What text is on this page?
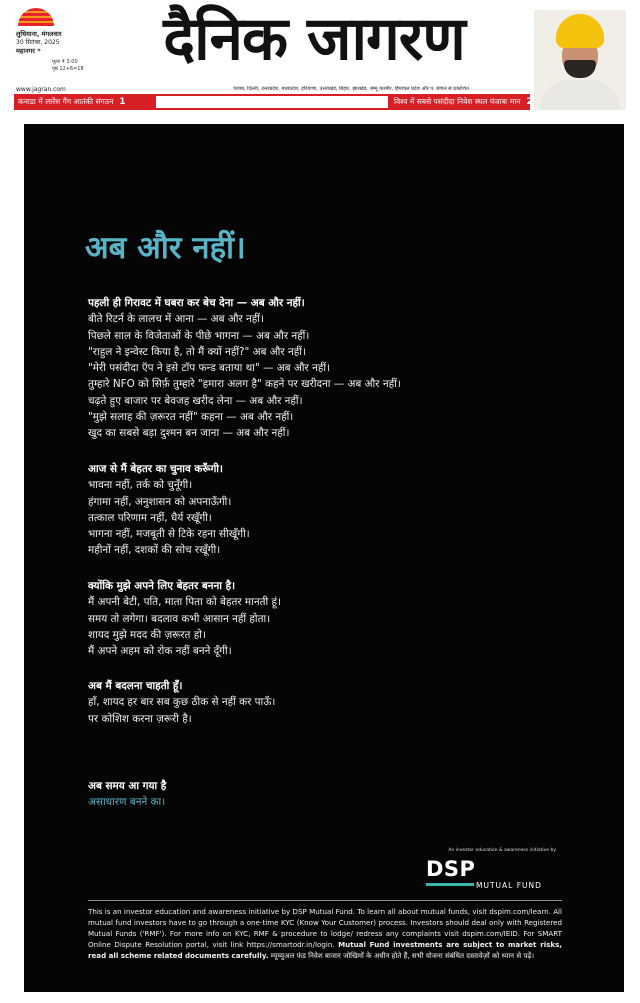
लुधियाना, मंगलवार
30 सितंबर, 2025
महानगर *
मूल्य ₹ 3.00
पृष्ठ 12+6=18	दैनिक जागरण
www.jagran.com	पंजाब, दिल्ली, उत्तरप्रदेश, मध्यप्रदेश, हरियाणा, उत्तराखंड, बिहार, झारखंड, जम्मू कश्मीर, हिमाचल प्रदेश और प. बंगाल से प्रकाशित
कनाडा में लारेंस गैंग आतंकी संगठन 1	विश्व में सबसे पसंदीदा निवेश स्थल पंजाबः मान 2
अब और नहीं।
पहली ही गिरावट में घबरा कर बेच देना — अब और नहीं।
बीते रिटर्न के लालच में आना — अब और नहीं।
पिछले साल के विजेताओं के पीछे भागना — अब और नहीं।
"राहुल ने इन्वेस्ट किया है, तो मैं क्यों नहीं?" अब और नहीं।
"मेरी पसंदीदा ऍप ने इसे टॉप फन्ड बताया था" — अब और नहीं।
तुम्हारे NFO को सिर्फ़ तुम्हारे "हमारा अलग है" कहने पर खरीदना — अब और नहीं।
चढ़ते हुए बाजार पर बेवजह खरीद लेना — अब और नहीं।
"मुझे सलाह की ज़रूरत नहीं" कहना — अब और नहीं।
खुद का सबसे बड़ा दुश्मन बन जाना — अब और नहीं।
आज से मैं बेहतर का चुनाव करूँगी।
भावना नहीं, तर्क को चुनूँगी।
हंगामा नहीं, अनुशासन को अपनाऊँगी।
तत्काल परिणाम नहीं, धैर्य रखूँगी।
भागना नहीं, मजबूती से टिके रहना सीखूँगी।
महीनों नहीं, दशकों की सोच रखूँगी।
क्योंकि मुझे अपने लिए बेहतर बनना है।
मैं अपनी बेटी, पति, माता पिता को बेहतर मानती हूं।
समय तो लगेगा। बदलाव कभी आसान नहीं होता।
शायद मुझे मदद की ज़रूरत हो।
मैं अपने अहम को रोक नहीं बनने दूँगी।
अब मैं बदलना चाहती हूँ।
हाँ, शायद हर बार सब कुछ ठीक से नहीं कर पाऊँ।
पर कोशिश करना ज़रूरी है।
अब समय आ गया है
असाधारण बनने का।
An investor education & awareness initiative by
DSP
MUTUAL FUND
This is an investor education and awareness initiative by DSP Mutual Fund. To learn all about mutual funds, visit dspim.com/learn. All mutual fund investors have to go through a one-time KYC (Know Your Customer) process. Investors should deal only with Registered Mutual Funds ('RMF'). For more info on KYC, RMF & procedure to lodge/ redress any complaints visit dspim.com/IEID. For SMART Online Dispute Resolution portal, visit link https://smartodr.in/login. Mutual Fund investments are subject to market risks, read all scheme related documents carefully. म्यूच्युअल फंड निवेश बाजार जोखिमों के अधीन होते हैं, सभी योजना संबंधित दस्तावेज़ों को ध्यान से पढ़ें।
